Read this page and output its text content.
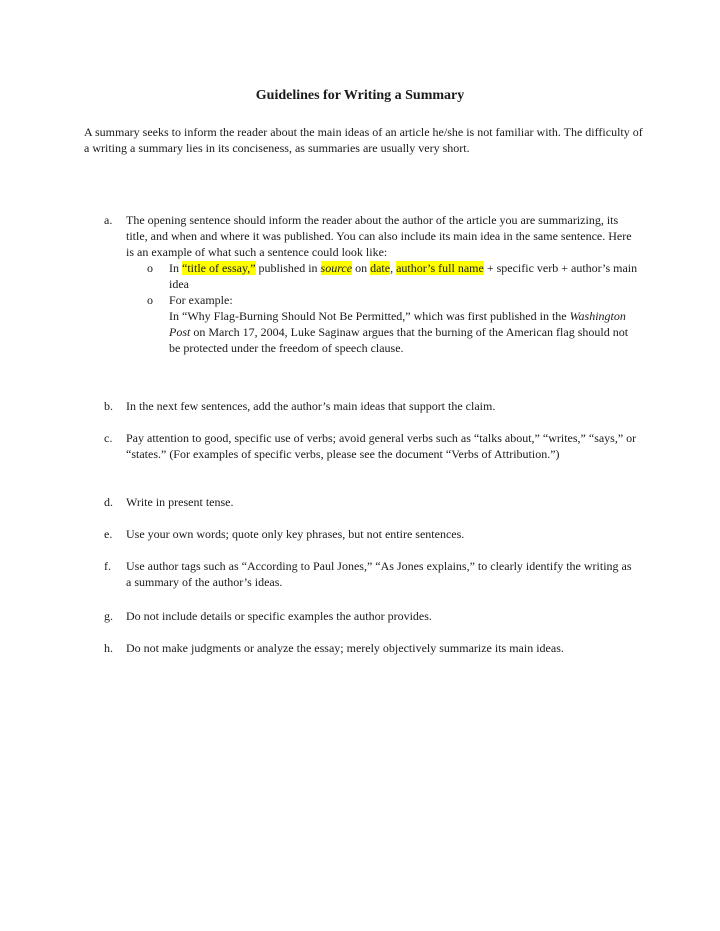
Guidelines for Writing a Summary
A summary seeks to inform the reader about the main ideas of an article he/she is not familiar with. The difficulty of a writing a summary lies in its conciseness, as summaries are usually very short.
a. The opening sentence should inform the reader about the author of the article you are summarizing, its title, and when and where it was published. You can also include its main idea in the same sentence. Here is an example of what such a sentence could look like:
o In “title of essay,” published in source on date, author’s full name + specific verb + author’s main idea
o For example:
In “Why Flag-Burning Should Not Be Permitted,” which was first published in the Washington Post on March 17, 2004, Luke Saginaw argues that the burning of the American flag should not be protected under the freedom of speech clause.
b. In the next few sentences, add the author’s main ideas that support the claim.
c. Pay attention to good, specific use of verbs; avoid general verbs such as “talks about,” “writes,” “says,” or “states.” (For examples of specific verbs, please see the document “Verbs of Attribution.”)
d. Write in present tense.
e. Use your own words; quote only key phrases, but not entire sentences.
f. Use author tags such as “According to Paul Jones,” “As Jones explains,” to clearly identify the writing as a summary of the author’s ideas.
g. Do not include details or specific examples the author provides.
h. Do not make judgments or analyze the essay; merely objectively summarize its main ideas.
